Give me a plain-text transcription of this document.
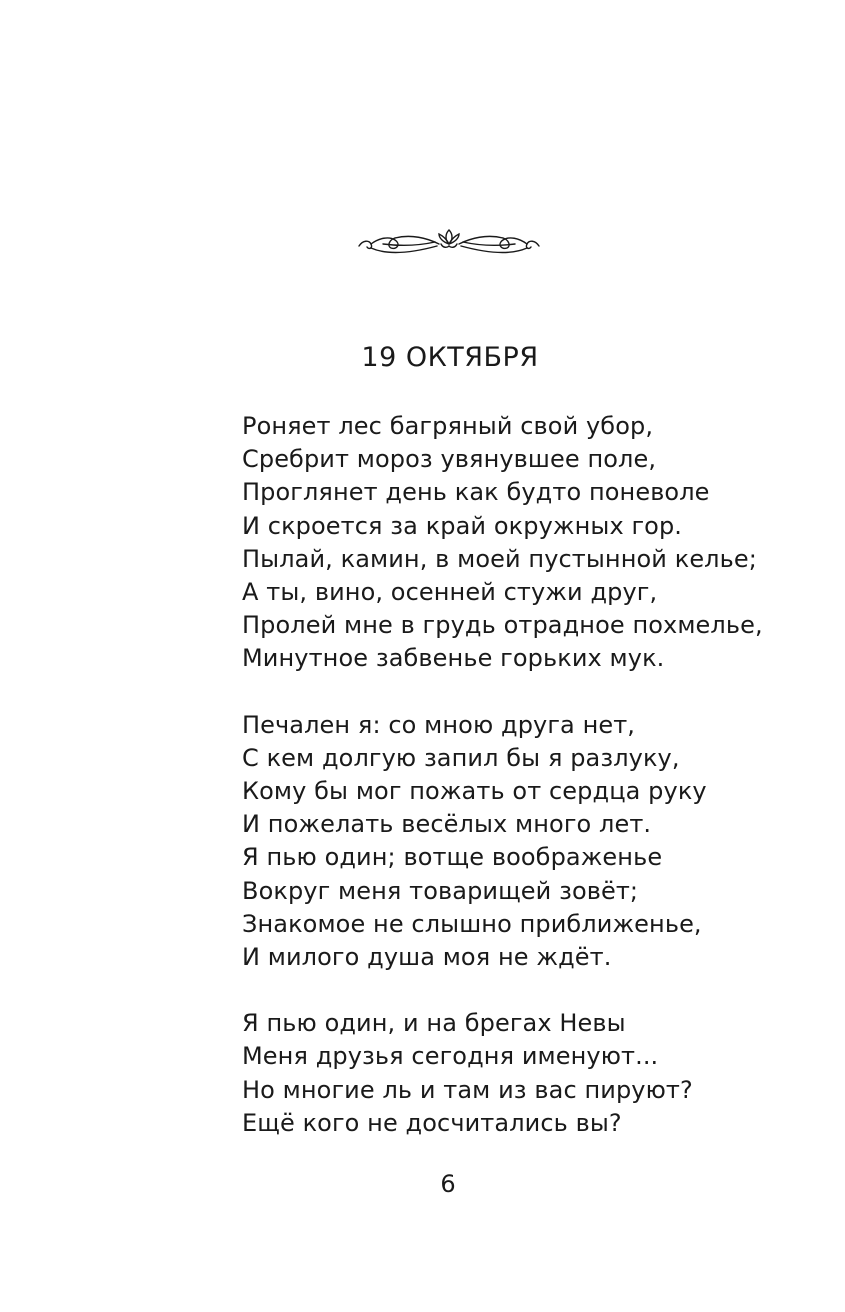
19 ОКТЯБРЯ
Роняет лес багряный свой убор,
Сребрит мороз увянувшее поле,
Проглянет день как будто поневоле
И скроется за край окружных гор.
Пылай, камин, в моей пустынной келье;
А ты, вино, осенней стужи друг,
Пролей мне в грудь отрадное похмелье,
Минутное забвенье горьких мук.
Печален я: со мною друга нет,
С кем долгую запил бы я разлуку,
Кому бы мог пожать от сердца руку
И пожелать весёлых много лет.
Я пью один; вотще воображенье
Вокруг меня товарищей зовёт;
Знакомое не слышно приближенье,
И милого душа моя не ждёт.
Я пью один, и на брегах Невы
Меня друзья сегодня именуют...
Но многие ль и там из вас пируют?
Ещё кого не досчитались вы?
6
